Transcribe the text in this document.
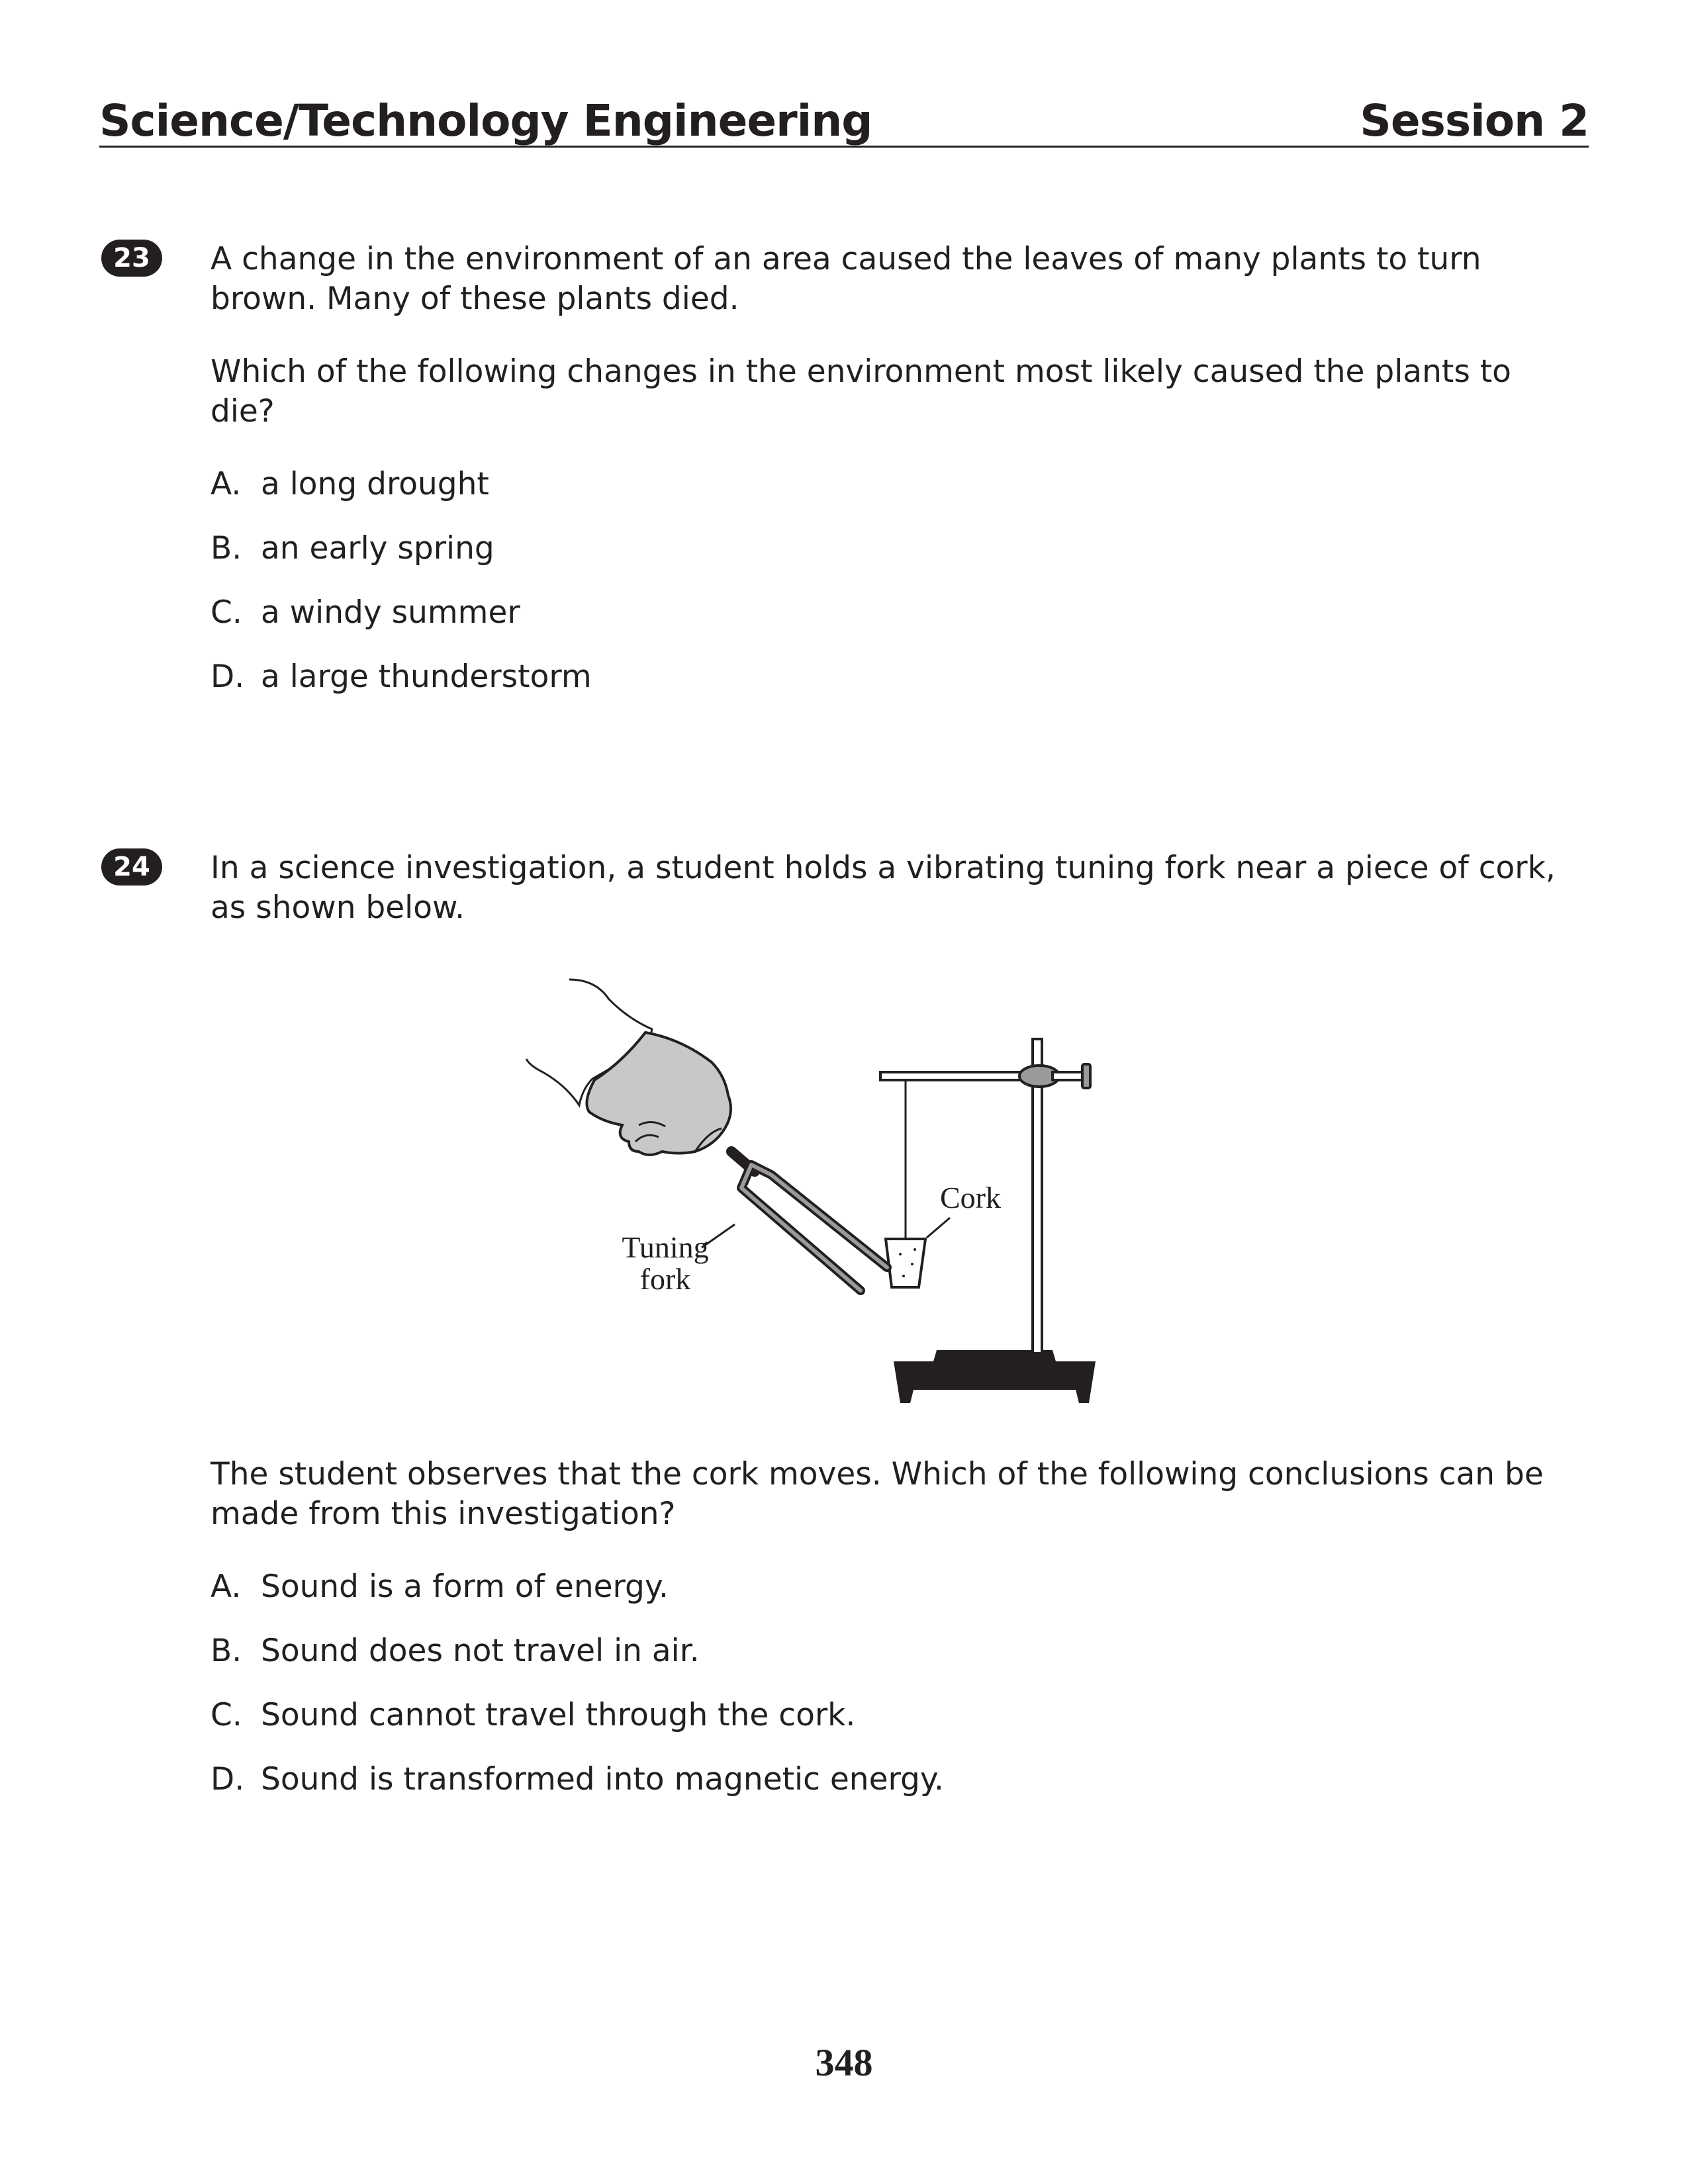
Science/Technology Engineering	Session 2
23	A change in the environment of an area caused the leaves of many plants to turn brown. Many of these plants died.
Which of the following changes in the environment most likely caused the plants to die?
A. a long drought
B. an early spring
C. a windy summer
D. a large thunderstorm
24	In a science investigation, a student holds a vibrating tuning fork near a piece of cork, as shown below.
Cork
Tuning
fork
The student observes that the cork moves. Which of the following conclusions can be made from this investigation?
A. Sound is a form of energy.
B. Sound does not travel in air.
C. Sound cannot travel through the cork.
D. Sound is transformed into magnetic energy.
348
